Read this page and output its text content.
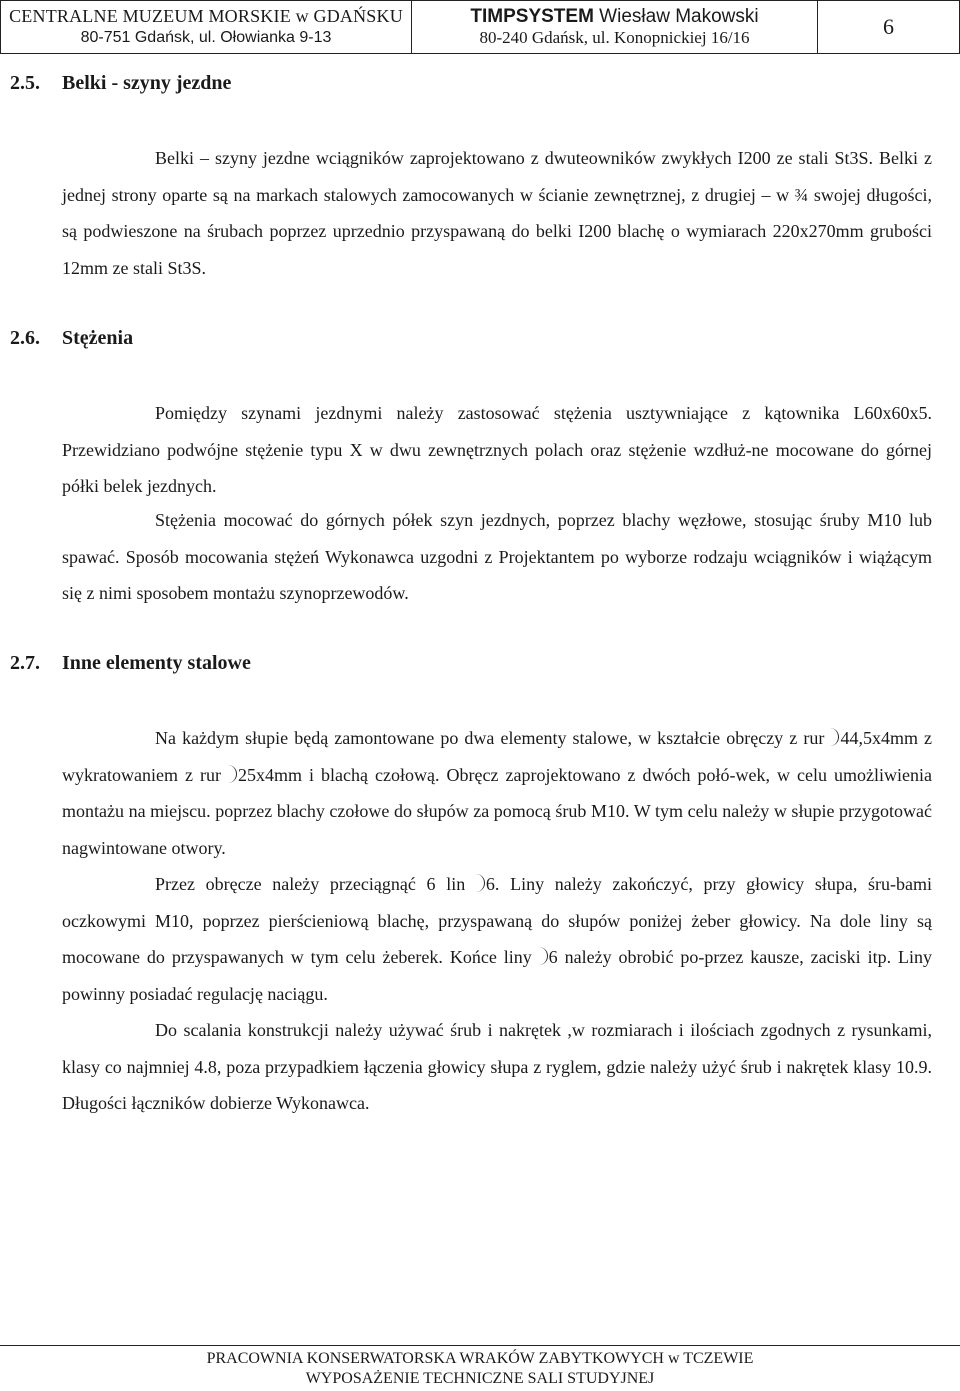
CENTRALNE MUZEUM MORSKIE w GDAŃSKU
80-751 Gdańsk, ul. Ołowianka 9-13

TIMPSYSTEM Wiesław Makowski
80-240 Gdańsk, ul. Konopnickiej 16/16	6
2.5. Belki - szyny jezdne

Belki – szyny jezdne wciągników zaprojektowano z dwuteowników zwykłych I200 ze stali St3S. Belki z jednej strony oparte są na markach stalowych zamocowanych w ścianie zewnętrznej, z drugiej – w ¾ swojej długości, są podwieszone na śrubach poprzez uprzednio przyspawaną do belki I200 blachę o wymiarach 220x270mm grubości 12mm ze stali St3S.

2.6. Stężenia

Pomiędzy szynami jezdnymi należy zastosować stężenia usztywniające z kątownika L60x60x5. Przewidziano podwójne stężenie typu X w dwu zewnętrznych polach oraz stężenie wzdłuż-ne mocowane do górnej półki belek jezdnych.

Stężenia mocować do górnych półek szyn jezdnych, poprzez blachy węzłowe, stosując śruby M10 lub spawać. Sposób mocowania stężeń Wykonawca uzgodni z Projektantem po wyborze rodzaju wciągników i wiążącym się z nimi sposobem montażu szynoprzewodów.

2.7. Inne elementy stalowe

Na każdym słupie będą zamontowane po dwa elementy stalowe, w kształcie obręczy z rur 44,5x4mm z wykratowaniem z rur 25x4mm i blachą czołową. Obręcz zaprojektowano z dwóch połó-wek, w celu umożliwienia montażu na miejscu. poprzez blachy czołowe do słupów za pomocą śrub M10. W tym celu należy w słupie przygotować nagwintowane otwory.

Przez obręcze należy przeciągnąć 6 lin 6. Liny należy zakończyć, przy głowicy słupa, śru-bami oczkowymi M10, poprzez pierścieniową blachę, przyspawaną do słupów poniżej żeber głowicy. Na dole liny są mocowane do przyspawanych w tym celu żeberek. Końce liny 6 należy obrobić po-przez kausze, zaciski itp. Liny powinny posiadać regulację naciągu.

Do scalania konstrukcji należy używać śrub i nakrętek ,w rozmiarach i ilościach zgodnych z rysunkami, klasy co najmniej 4.8, poza przypadkiem łączenia głowicy słupa z ryglem, gdzie należy użyć śrub i nakrętek klasy 10.9. Długości łączników dobierze Wykonawca.

PRACOWNIA KONSERWATORSKA WRAKÓW ZABYTKOWYCH w TCZEWIE
WYPOSAŻENIE TECHNICZNE SALI STUDYJNEJ
